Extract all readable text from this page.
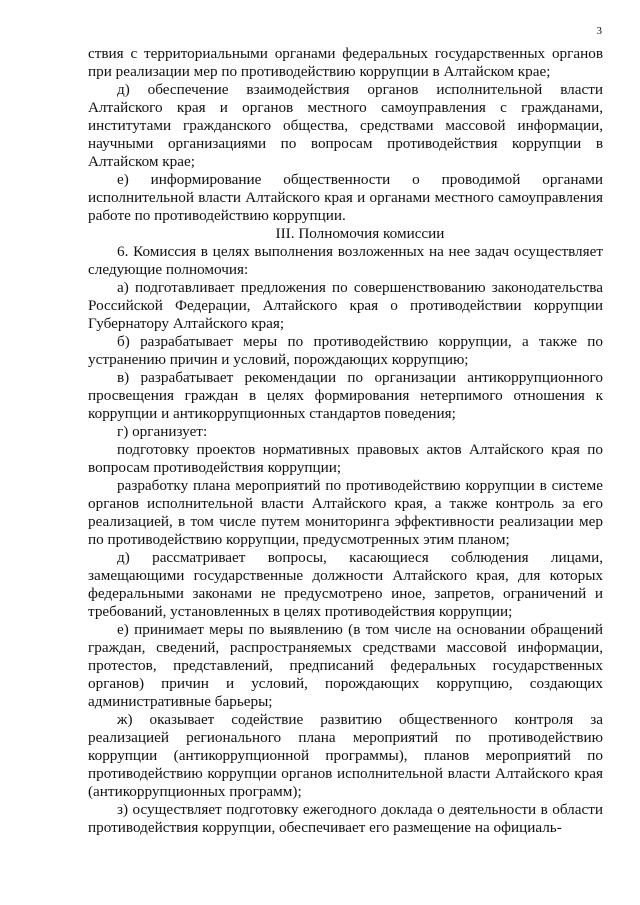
3

ствия с территориальными органами федеральных государственных органов при реализации мер по противодействию коррупции в Алтайском крае;

д) обеспечение взаимодействия органов исполнительной власти Алтайского края и органов местного самоуправления с гражданами, институтами гражданского общества, средствами массовой информации, научными организациями по вопросам противодействия коррупции в Алтайском крае;

е) информирование общественности о проводимой органами исполнительной власти Алтайского края и органами местного самоуправления работе по противодействию коррупции.

III. Полномочия комиссии

6. Комиссия в целях выполнения возложенных на нее задач осуществляет следующие полномочия:

а) подготавливает предложения по совершенствованию законодательства Российской Федерации, Алтайского края о противодействии коррупции Губернатору Алтайского края;

б) разрабатывает меры по противодействию коррупции, а также по устранению причин и условий, порождающих коррупцию;

в) разрабатывает рекомендации по организации антикоррупционного просвещения граждан в целях формирования нетерпимого отношения к коррупции и антикоррупционных стандартов поведения;

г) организует:

подготовку проектов нормативных правовых актов Алтайского края по вопросам противодействия коррупции;

разработку плана мероприятий по противодействию коррупции в системе органов исполнительной власти Алтайского края, а также контроль за его реализацией, в том числе путем мониторинга эффективности реализации мер по противодействию коррупции, предусмотренных этим планом;

д) рассматривает вопросы, касающиеся соблюдения лицами, замещающими государственные должности Алтайского края, для которых федеральными законами не предусмотрено иное, запретов, ограничений и требований, установленных в целях противодействия коррупции;

е) принимает меры по выявлению (в том числе на основании обращений граждан, сведений, распространяемых средствами массовой информации, протестов, представлений, предписаний федеральных государственных органов) причин и условий, порождающих коррупцию, создающих административные барьеры;

ж) оказывает содействие развитию общественного контроля за реализацией регионального плана мероприятий по противодействию коррупции (антикоррупционной программы), планов мероприятий по противодействию коррупции органов исполнительной власти Алтайского края (антикоррупционных программ);

з) осуществляет подготовку ежегодного доклада о деятельности в области противодействия коррупции, обеспечивает его размещение на официаль-
